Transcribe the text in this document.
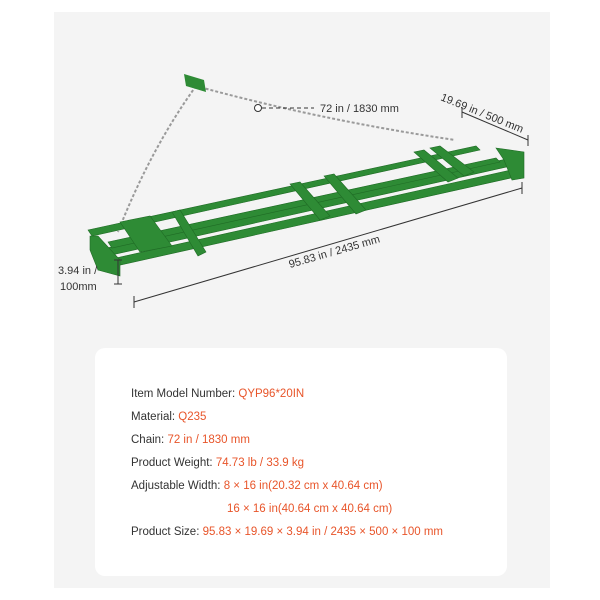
72 in / 1830 mm	19.69 in / 500 mm
95.83 in / 2435 mm
3.94 in /
100mm
Item Model Number: QYP96*20IN
Material: Q235
Chain: 72 in / 1830 mm
Product Weight: 74.73 lb / 33.9 kg
Adjustable Width: 8 × 16 in(20.32 cm x 40.64 cm)
16 × 16 in(40.64 cm x 40.64 cm)
Product Size: 95.83 × 19.69 × 3.94 in / 2435 × 500 × 100 mm
